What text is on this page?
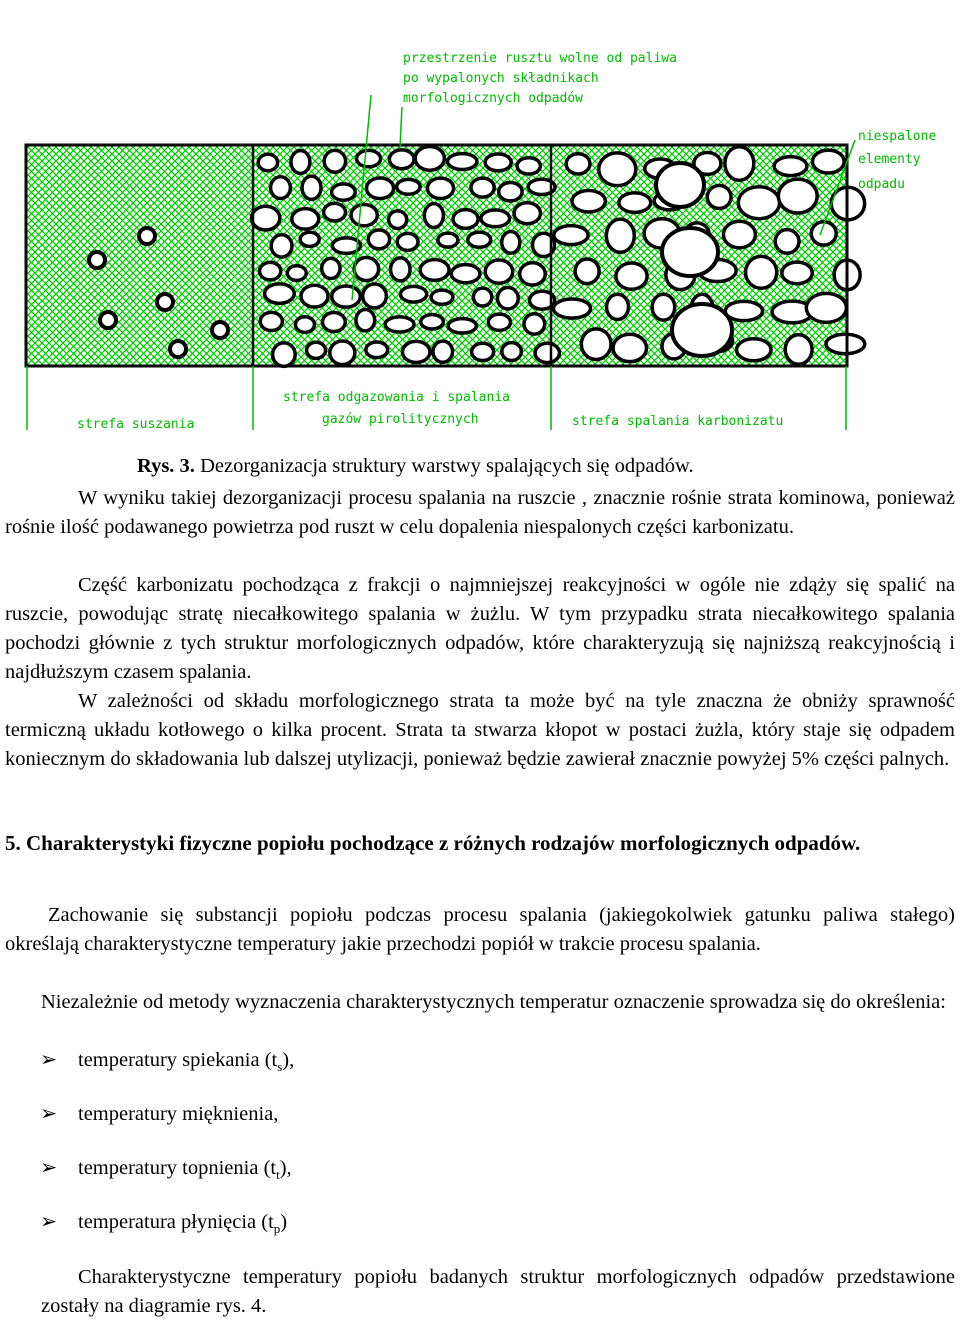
przestrzenie rusztu wolne od paliwa
po wypalonych składnikach
morfologicznych odpadów
niespalone
elementy
odpadu
strefa suszania
strefa odgazowania i spalania
gazów pirolitycznych	strefa spalania karbonizatu

Rys. 3. Dezorganizacja struktury warstwy spalających się odpadów.

W wyniku takiej dezorganizacji procesu spalania na ruszcie , znacznie rośnie strata kominowa, ponieważ rośnie ilość podawanego powietrza pod ruszt w celu dopalenia niespalonych części karbonizatu.

Część karbonizatu pochodząca z frakcji o najmniejszej reakcyjności w ogóle nie zdąży się spalić na ruszcie, powodując stratę niecałkowitego spalania w żużlu. W tym przypadku strata niecałkowitego spalania pochodzi głównie z tych struktur morfologicznych odpadów, które charakteryzują się najniższą reakcyjnością i najdłuższym czasem spalania.

W zależności od składu morfologicznego strata ta może być na tyle znaczna że obniży sprawność termiczną układu kotłowego o kilka procent. Strata ta stwarza kłopot w postaci żużla, który staje się odpadem koniecznym do składowania lub dalszej utylizacji, ponieważ będzie zawierał znacznie powyżej 5% części palnych.

5. Charakterystyki fizyczne popiołu pochodzące z różnych rodzajów morfologicznych odpadów.

Zachowanie się substancji popiołu podczas procesu spalania (jakiegokolwiek gatunku paliwa stałego) określają charakterystyczne temperatury jakie przechodzi popiół w trakcie procesu spalania.

Niezależnie od metody wyznaczenia charakterystycznych temperatur oznaczenie sprowadza się do określenia:

➢ temperatury spiekania $(t_s)$,
➢ temperatury mięknienia,
➢ temperatury topnienia $(t_t)$,
➢ temperatura płynięcia $(t_p)$

Charakterystyczne temperatury popiołu badanych struktur morfologicznych odpadów przedstawione zostały na diagramie rys. 4.
